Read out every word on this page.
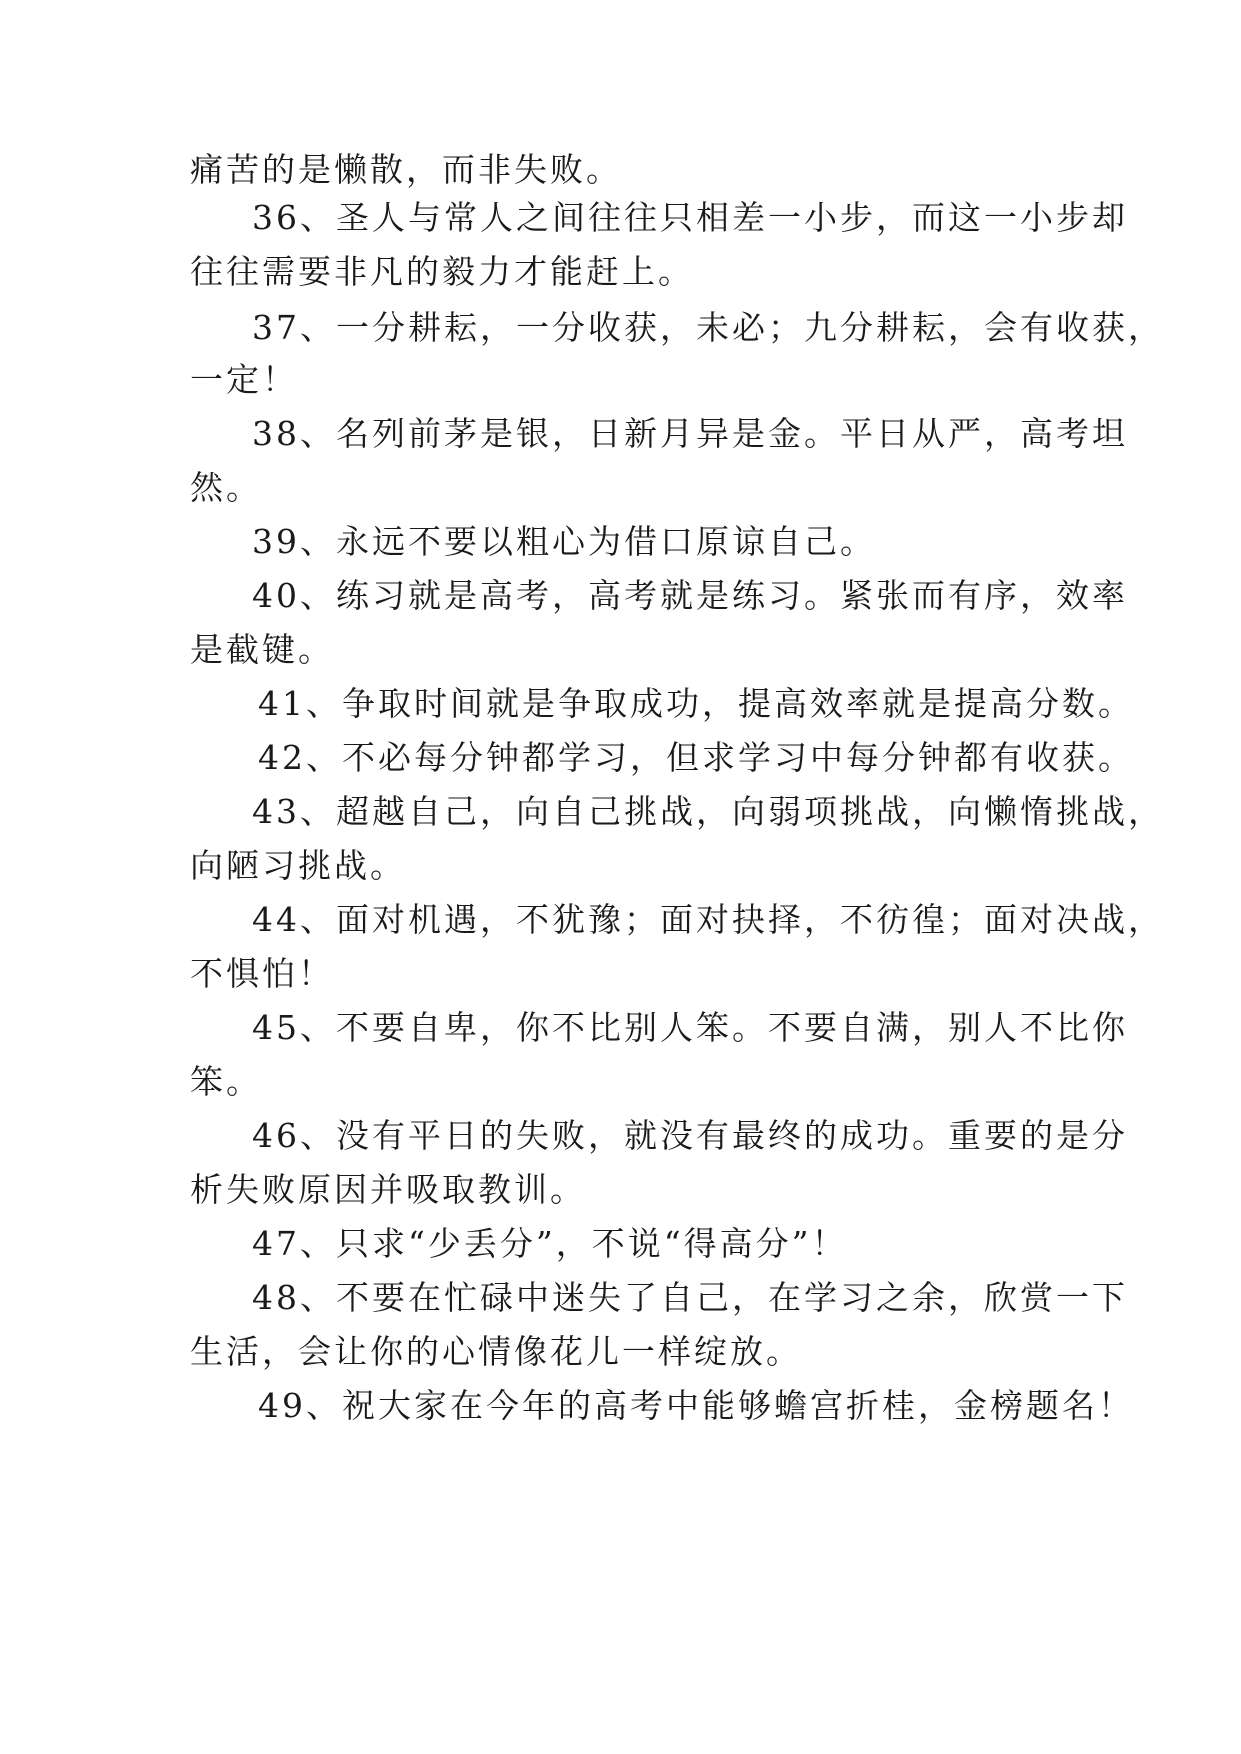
痛苦的是懒散，而非失败。
36、圣人与常人之间往往只相差一小步，而这一小步却
往往需要非凡的毅力才能赶上。
37、一分耕耘，一分收获，未必；九分耕耘，会有收获，
一定！
38、名列前茅是银，日新月异是金。平日从严，高考坦
然。
39、永远不要以粗心为借口原谅自己。
40、练习就是高考，高考就是练习。紧张而有序，效率
是截键。
41、争取时间就是争取成功，提高效率就是提高分数。
42、不必每分钟都学习，但求学习中每分钟都有收获。
43、超越自己，向自己挑战，向弱项挑战，向懒惰挑战，
向陋习挑战。
44、面对机遇，不犹豫；面对抉择，不彷徨；面对决战，
不惧怕！
45、不要自卑，你不比别人笨。不要自满，别人不比你
笨。
46、没有平日的失败，就没有最终的成功。重要的是分
析失败原因并吸取教训。
47、只求“少丢分”，不说“得高分”！
48、不要在忙碌中迷失了自己，在学习之余，欣赏一下
生活，会让你的心情像花儿一样绽放。
49、祝大家在今年的高考中能够蟾宫折桂，金榜题名！
